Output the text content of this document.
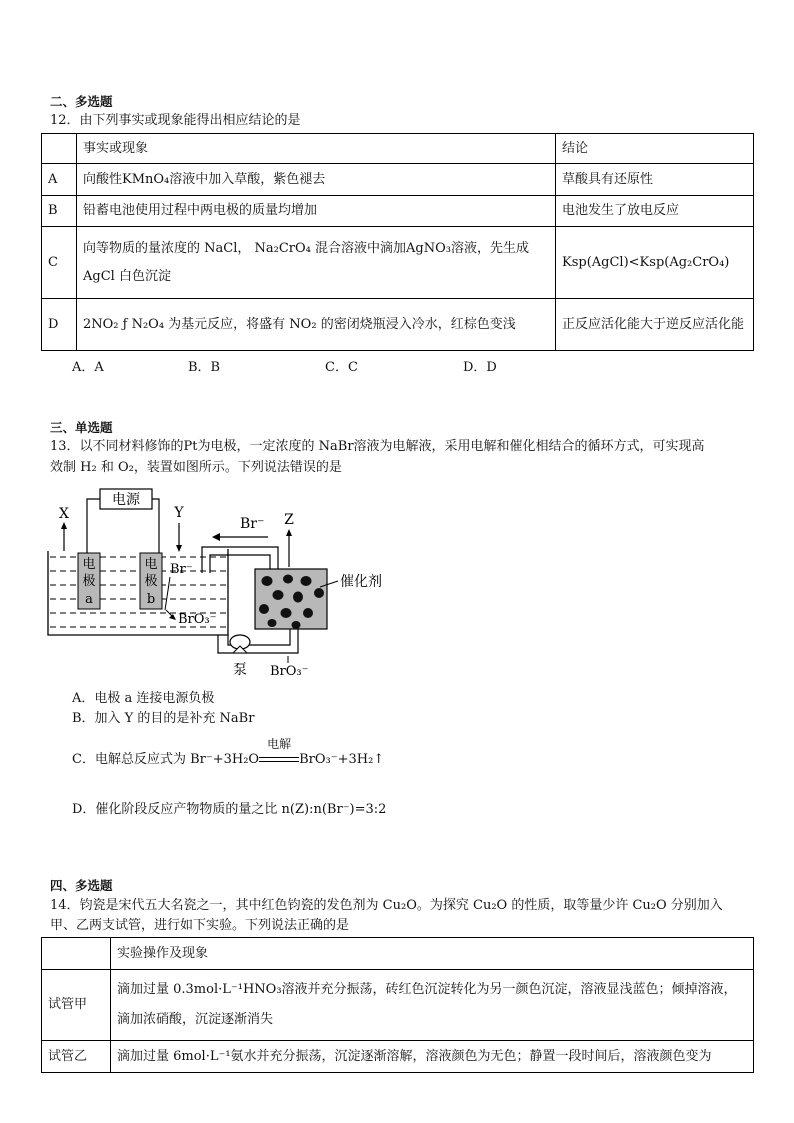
二、多选题
12．由下列事实或现象能得出相应结论的是
	事实或现象	结论
A	向酸性KMnO₄溶液中加入草酸，紫色褪去	草酸具有还原性
B	铅蓄电池使用过程中两电极的质量均增加	电池发生了放电反应
C	向等物质的量浓度的 NaCl， Na₂CrO₄ 混合溶液中滴加AgNO₃溶液，先生成
AgCl 白色沉淀	Ksp(AgCl)<Ksp(Ag₂CrO₄)
D	2NO₂ ƒ N₂O₄ 为基元反应，将盛有 NO₂ 的密闭烧瓶浸入冷水，红棕色变浅	正反应活化能大于逆反应活化能
A．A	B．B	C．C	D．D
三、单选题
13．以不同材料修饰的Pt为电极，一定浓度的 NaBr溶液为电解液，采用电解和催化相结合的循环方式，可实现高
效制 H₂ 和 O₂，装置如图所示。下列说法错误的是
电源
X	Y
电
极
a
电
极
b
Br⁻
BrO₃⁻
Br⁻ Z
催化剂
泵 BrO₃⁻
A．电极 a 连接电源负极
B．加入 Y 的目的是补充 NaBr
C．电解总反应式为 Br⁻+3H₂O
电解
BrO₃⁻+3H₂↑
D．催化阶段反应产物物质的量之比 n(Z):n(Br⁻)=3:2
四、多选题
14．钧瓷是宋代五大名瓷之一，其中红色钧瓷的发色剂为 Cu₂O。为探究 Cu₂O 的性质，取等量少许 Cu₂O 分别加入
甲、乙两支试管，进行如下实验。下列说法正确的是
	实验操作及现象
试管甲	滴加过量 0.3mol·L⁻¹HNO₃溶液并充分振荡，砖红色沉淀转化为另一颜色沉淀，溶液显浅蓝色；倾掉溶液，
滴加浓硝酸，沉淀逐渐消失

试管乙	滴加过量 6mol·L⁻¹氨水并充分振荡，沉淀逐渐溶解，溶液颜色为无色；静置一段时间后，溶液颜色变为
